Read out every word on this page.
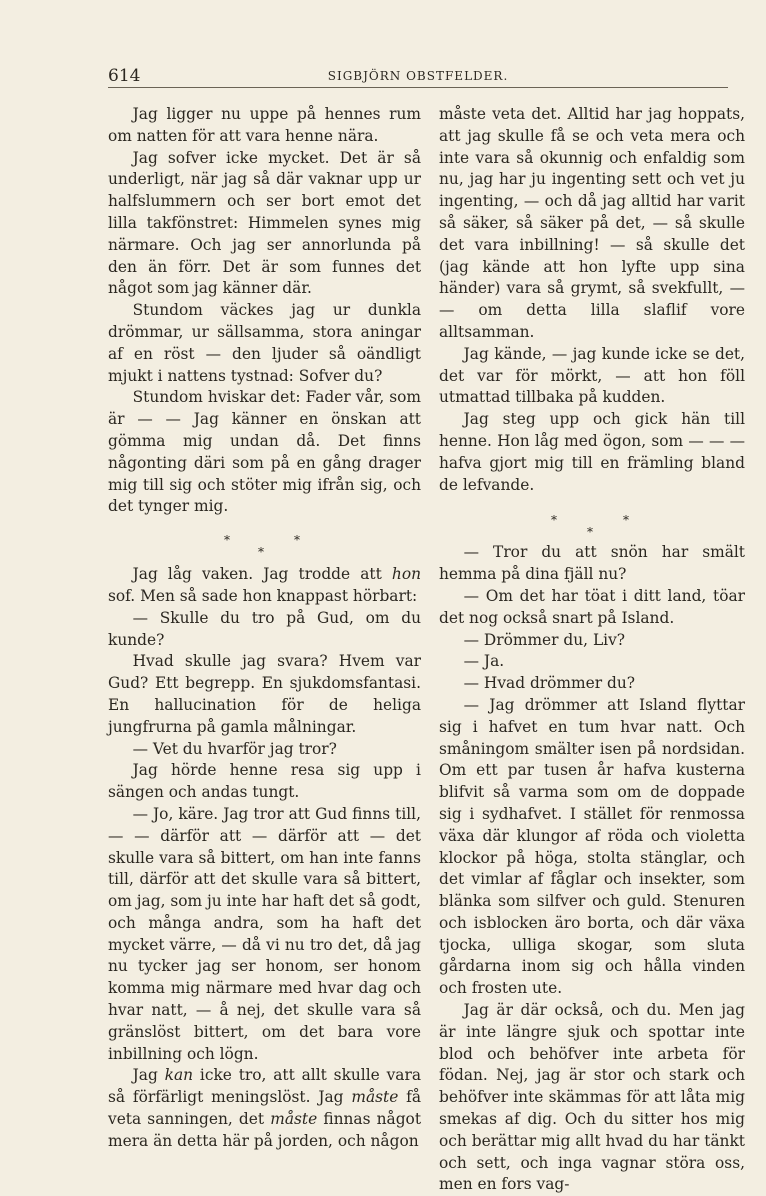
614	SIGBJÖRN OBSTFELDER.

Jag ligger nu uppe på hennes rum om natten för att vara henne nära.

Jag sofver icke mycket. Det är så underligt, när jag så där vaknar upp ur halfslummern och ser bort emot det lilla takfönstret: Himmelen synes mig närmare. Och jag ser annorlunda på den än förr. Det är som funnes det något som jag känner där.

Stundom väckes jag ur dunkla drömmar, ur sällsamma, stora aningar af en röst — den ljuder så oändligt mjukt i nattens tystnad: Sofver du?

Stundom hviskar det: Fader vår, som är — — Jag känner en önskan att gömma mig undan då. Det finns någonting däri som på en gång drager mig till sig och stöter mig ifrån sig, och det tynger mig.

*	*
*

Jag låg vaken. Jag trodde att hon sof. Men så sade hon knappast hörbart:

— Skulle du tro på Gud, om du kunde?

Hvad skulle jag svara? Hvem var Gud? Ett begrepp. En sjukdomsfantasi. En hallucination för de heliga jungfrurna på gamla målningar.

— Vet du hvarför jag tror?

Jag hörde henne resa sig upp i sängen och andas tungt.

— Jo, käre. Jag tror att Gud finns till, — — därför att — därför att — det skulle vara så bittert, om han inte fanns till, därför att det skulle vara så bittert, om jag, som ju inte har haft det så godt, och många andra, som ha haft det mycket värre, — då vi nu tro det, då jag nu tycker jag ser honom, ser honom komma mig närmare med hvar dag och hvar natt, — å nej, det skulle vara så gränslöst bittert, om det bara vore inbillning och lögn.

Jag kan icke tro, att allt skulle vara så förfärligt meningslöst. Jag måste få veta sanningen, det måste finnas något mera än detta här på jorden, och någon

måste veta det. Alltid har jag hoppats, att jag skulle få se och veta mera och inte vara så okunnig och enfaldig som nu, jag har ju ingenting sett och vet ju ingenting, — och då jag alltid har varit så säker, så säker på det, — så skulle det vara inbillning! — så skulle det (jag kände att hon lyfte upp sina händer) vara så grymt, så svekfullt, — — om detta lilla slaflif vore alltsamman.

Jag kände, — jag kunde icke se det, det var för mörkt, — att hon föll utmattad tillbaka på kudden.

Jag steg upp och gick hän till henne. Hon låg med ögon, som — — — hafva gjort mig till en främling bland de lefvande.

*	*
*

— Tror du att snön har smält hemma på dina fjäll nu?

— Om det har töat i ditt land, töar det nog också snart på Island.

— Drömmer du, Liv?

— Ja.

— Hvad drömmer du?

— Jag drömmer att Island flyttar sig i hafvet en tum hvar natt. Och småningom smälter isen på nordsidan. Om ett par tusen år hafva kusterna blifvit så varma som om de doppade sig i sydhafvet. I stället för renmossa växa där klungor af röda och violetta klockor på höga, stolta stänglar, och det vimlar af fåglar och insekter, som blänka som silfver och guld. Stenuren och isblocken äro borta, och där växa tjocka, ulliga skogar, som sluta gårdarna inom sig och hålla vinden och frosten ute.

Jag är där också, och du. Men jag är inte längre sjuk och spottar inte blod och behöfver inte arbeta för födan. Nej, jag är stor och stark och behöfver inte skämmas för att låta mig smekas af dig. Och du sitter hos mig och berättar mig allt hvad du har tänkt och sett, och inga vagnar störa oss, men en fors vag-
